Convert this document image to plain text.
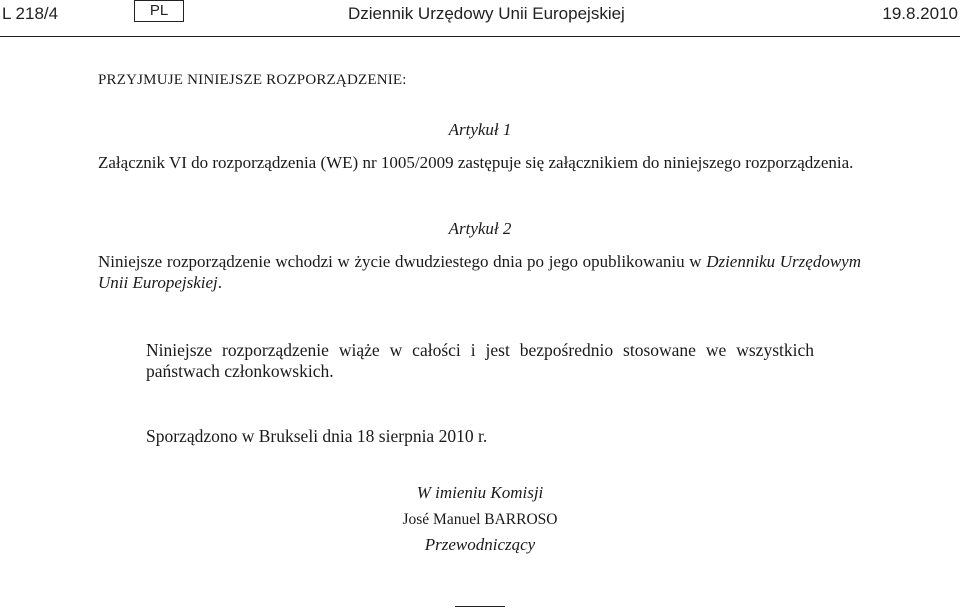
L 218/4	PL	Dziennik Urzędowy Unii Europejskiej	19.8.2010
PRZYJMUJE NINIEJSZE ROZPORZĄDZENIE:
Artykuł 1
Załącznik VI do rozporządzenia (WE) nr 1005/2009 zastępuje się załącznikiem do niniejszego rozporządzenia.
Artykuł 2
Niniejsze rozporządzenie wchodzi w życie dwudziestego dnia po jego opublikowaniu w Dzienniku Urzędowym Unii Europejskiej.
Niniejsze rozporządzenie wiąże w całości i jest bezpośrednio stosowane we wszystkich państwach członkowskich.
Sporządzono w Brukseli dnia 18 sierpnia 2010 r.
W imieniu Komisji
José Manuel BARROSO
Przewodniczący
